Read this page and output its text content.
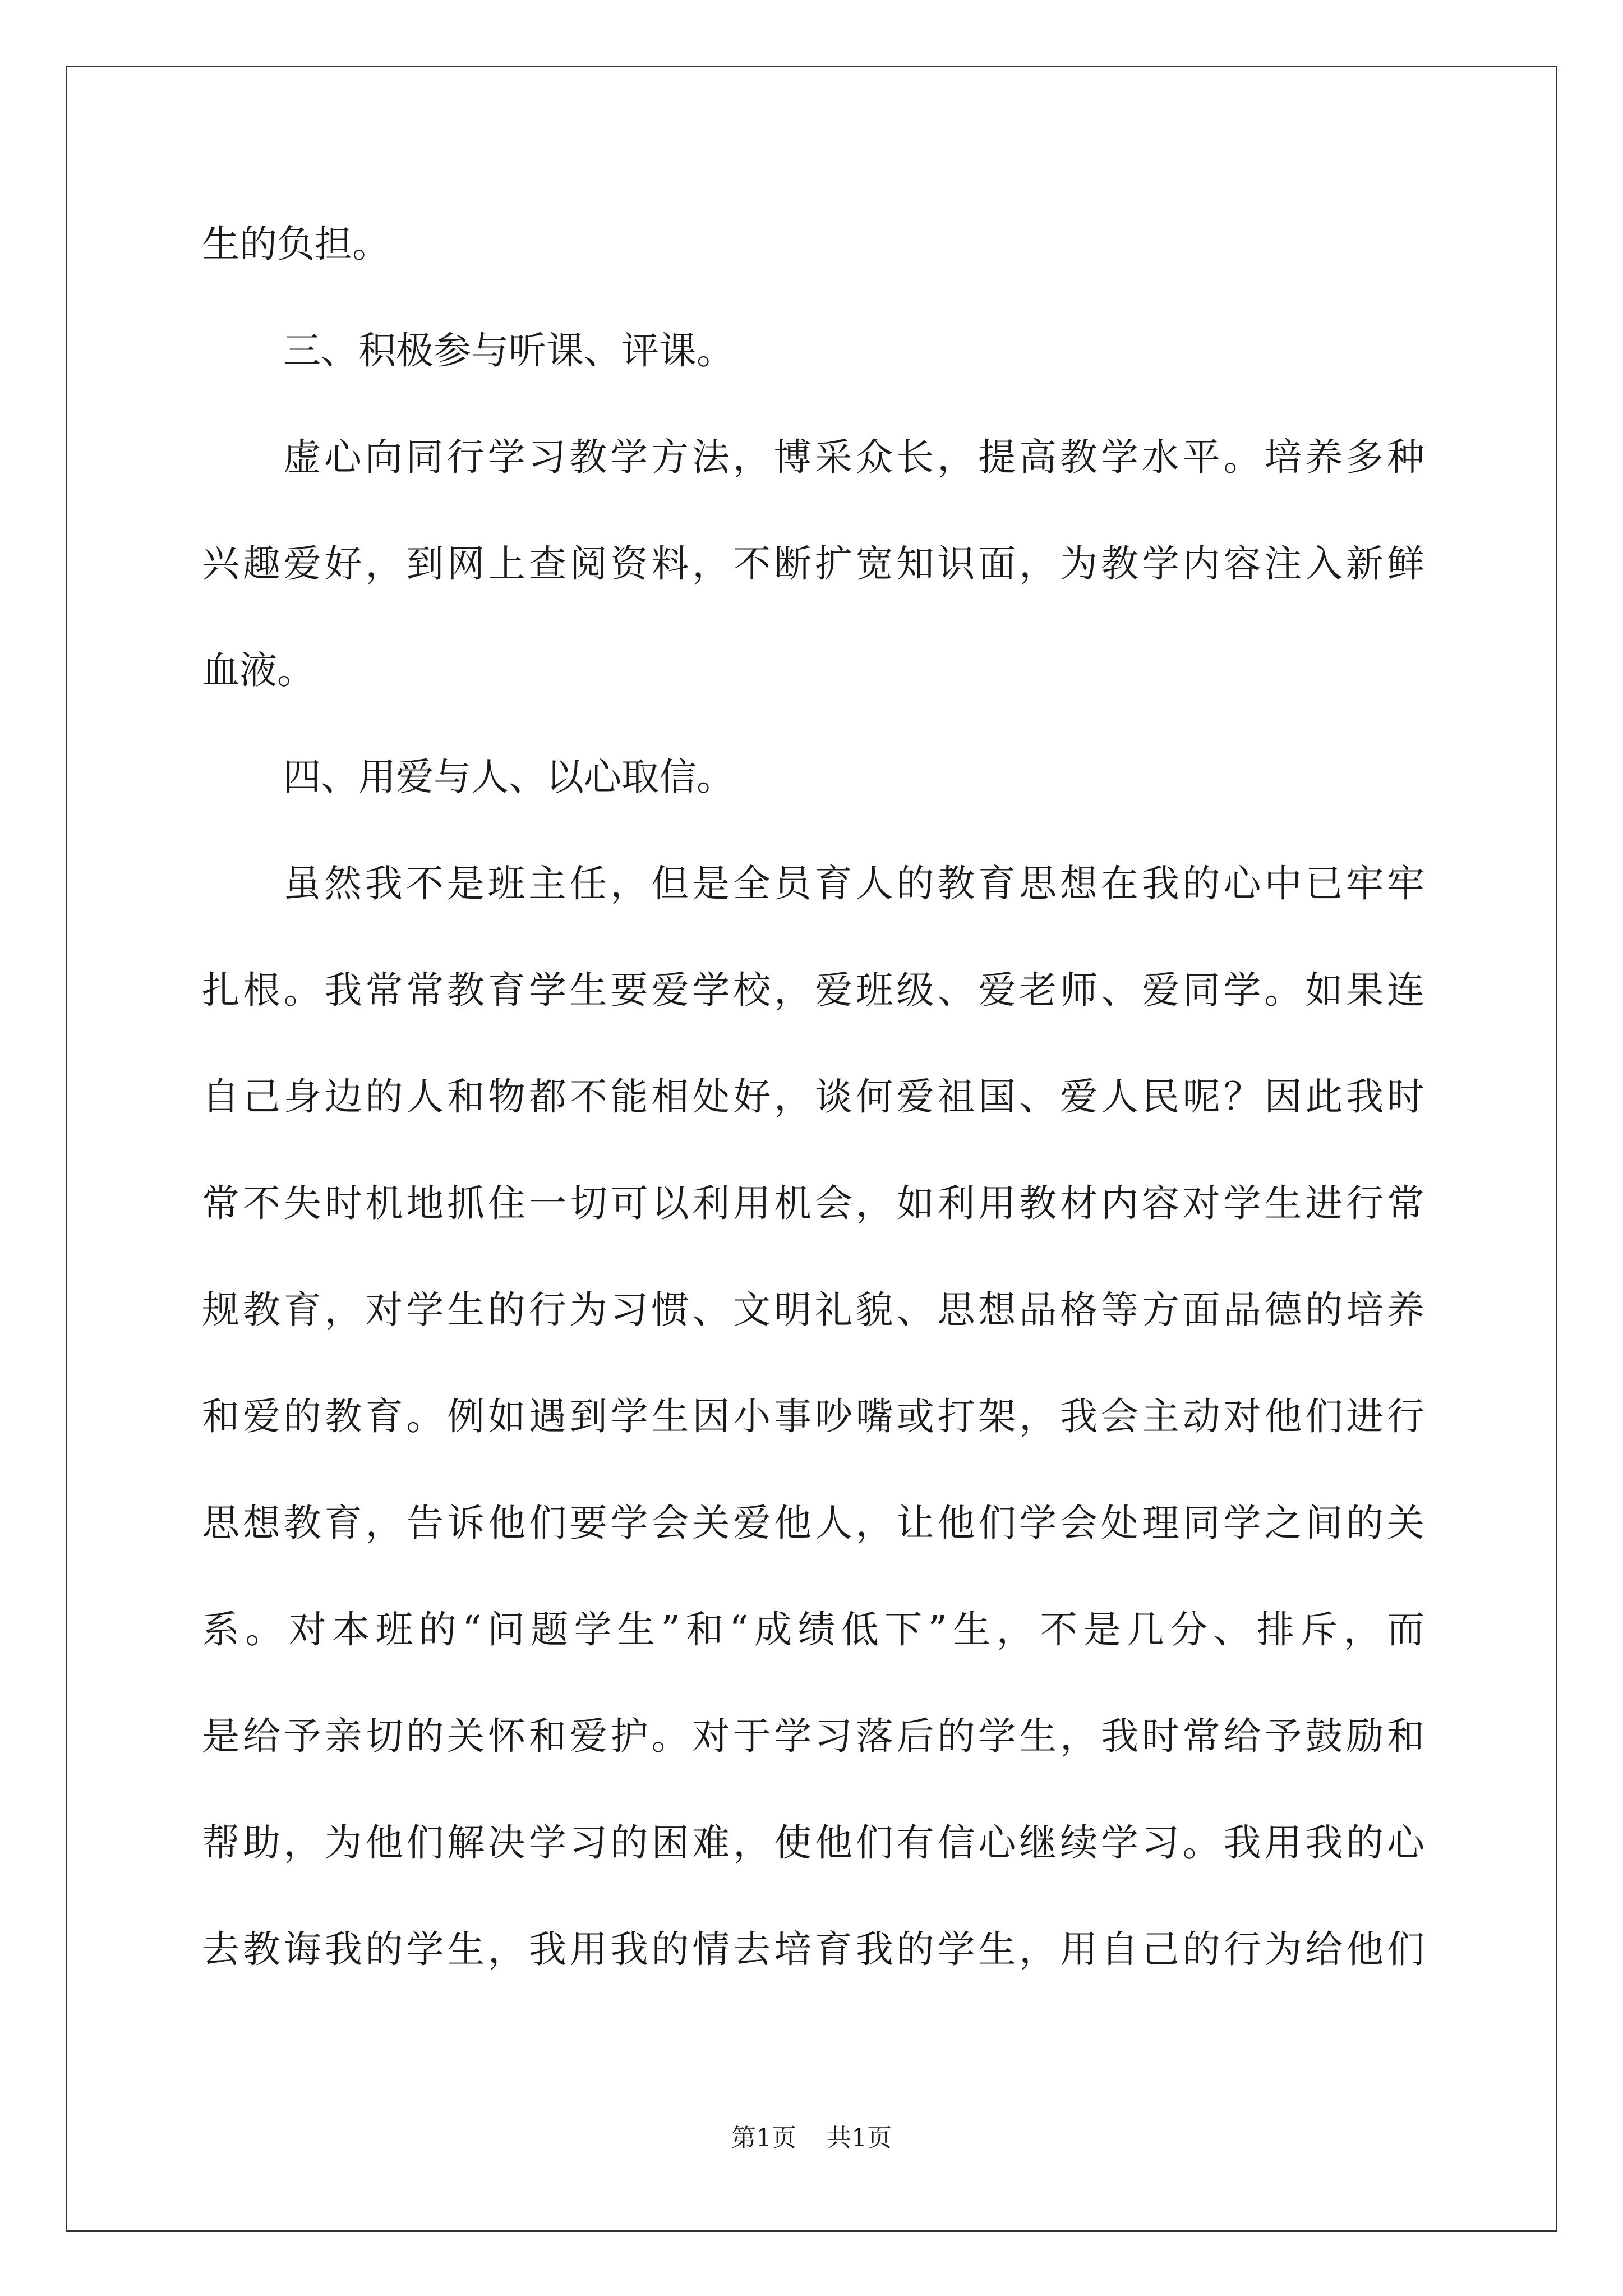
生的负担。
三、积极参与听课、评课。
虚心向同行学习教学方法，博采众长，提高教学水平。培养多种
兴趣爱好，到网上查阅资料，不断扩宽知识面，为教学内容注入新鲜
血液。
四、用爱与人、以心取信。
虽然我不是班主任，但是全员育人的教育思想在我的心中已牢牢
扎根。我常常教育学生要爱学校，爱班级、爱老师、爱同学。如果连
自己身边的人和物都不能相处好，谈何爱祖国、爱人民呢？因此我时
常不失时机地抓住一切可以利用机会，如利用教材内容对学生进行常
规教育，对学生的行为习惯、文明礼貌、思想品格等方面品德的培养
和爱的教育。例如遇到学生因小事吵嘴或打架，我会主动对他们进行
思想教育，告诉他们要学会关爱他人，让他们学会处理同学之间的关
系。对本班的“问题学生”和“成绩低下”生，不是几分、排斥，而
是给予亲切的关怀和爱护。对于学习落后的学生，我时常给予鼓励和
帮助，为他们解决学习的困难，使他们有信心继续学习。我用我的心
去教诲我的学生，我用我的情去培育我的学生，用自己的行为给他们
第1页 共1页
